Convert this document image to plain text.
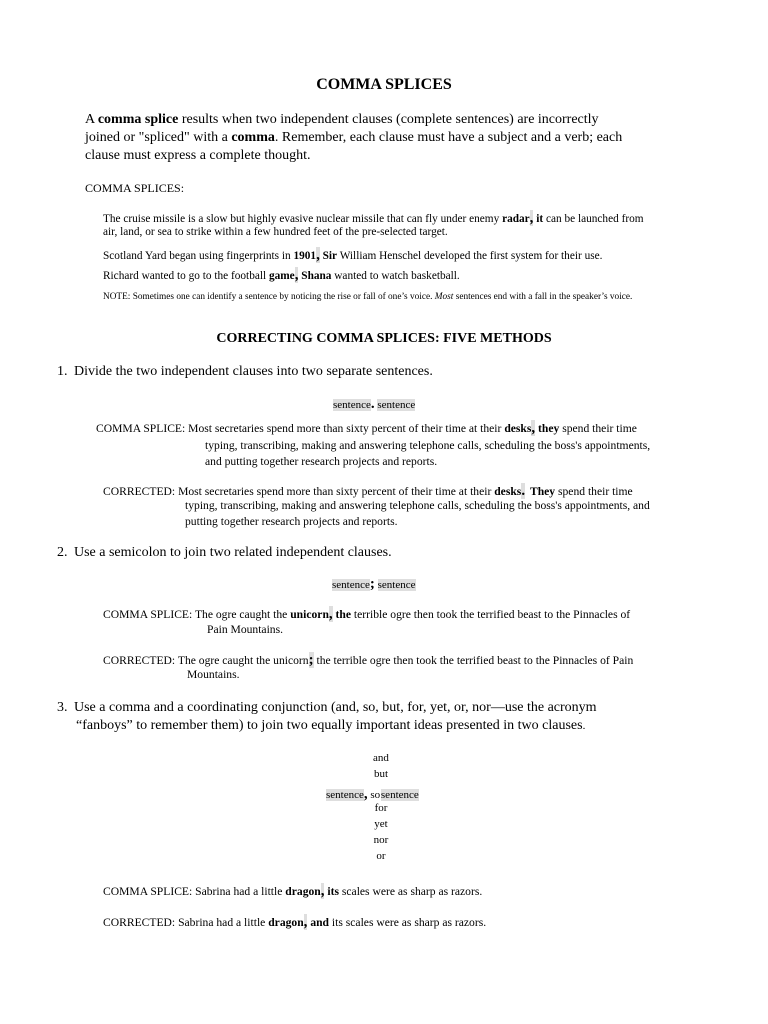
COMMA SPLICES
A comma splice results when two independent clauses (complete sentences) are incorrectly
joined or "spliced" with a comma. Remember, each clause must have a subject and a verb; each
clause must express a complete thought.
COMMA SPLICES:
The cruise missile is a slow but highly evasive nuclear missile that can fly under enemy radar, it can be launched from
air, land, or sea to strike within a few hundred feet of the pre-selected target.
Scotland Yard began using fingerprints in 1901, Sir William Henschel developed the first system for their use.
Richard wanted to go to the football game, Shana wanted to watch basketball.
NOTE: Sometimes one can identify a sentence by noticing the rise or fall of one’s voice. Most sentences end with a fall in the speaker’s voice.
CORRECTING COMMA SPLICES: FIVE METHODS
1. Divide the two independent clauses into two separate sentences.
sentence. sentence
COMMA SPLICE: Most secretaries spend more than sixty percent of their time at their desks, they spend their time
typing, transcribing, making and answering telephone calls, scheduling the boss's appointments,
and putting together research projects and reports.
CORRECTED: Most secretaries spend more than sixty percent of their time at their desks. They spend their time
typing, transcribing, making and answering telephone calls, scheduling the boss's appointments, and
putting together research projects and reports.
2. Use a semicolon to join two related independent clauses.
sentence; sentence
COMMA SPLICE: The ogre caught the unicorn, the terrible ogre then took the terrified beast to the Pinnacles of
Pain Mountains.
CORRECTED: The ogre caught the unicorn; the terrible ogre then took the terrified beast to the Pinnacles of Pain
Mountains.
3. Use a comma and a coordinating conjunction (and, so, but, for, yet, or, nor—use the acronym
“fanboys” to remember them) to join two equally important ideas presented in two clauses.
and
but
sentence, so sentence
for
yet
nor
or
COMMA SPLICE: Sabrina had a little dragon, its scales were as sharp as razors.
CORRECTED: Sabrina had a little dragon, and its scales were as sharp as razors.
